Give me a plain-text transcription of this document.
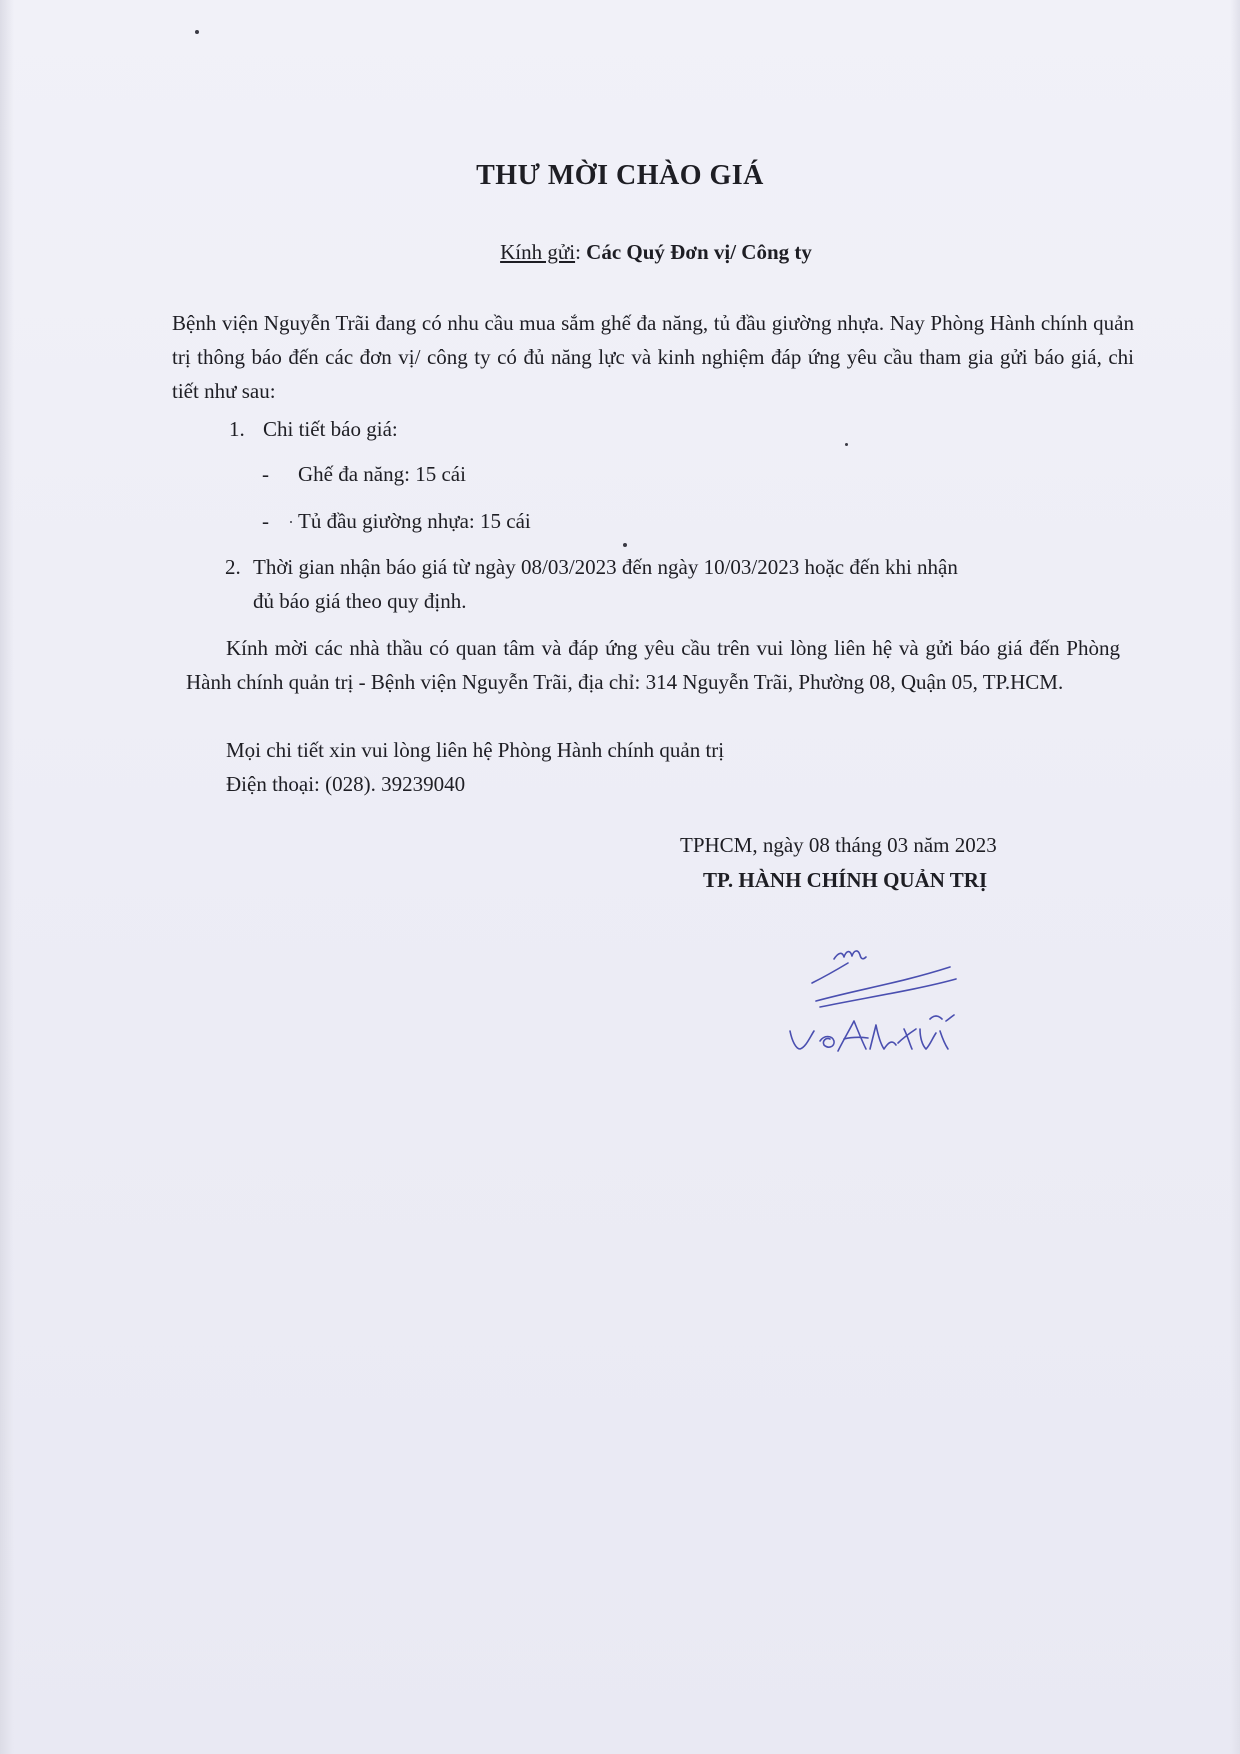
THƯ MỜI CHÀO GIÁ
Kính gửi: Các Quý Đơn vị/ Công ty
Bệnh viện Nguyễn Trãi đang có nhu cầu mua sắm ghế đa năng, tủ đầu giường nhựa. Nay Phòng Hành chính quản trị thông báo đến các đơn vị/ công ty có đủ năng lực và kinh nghiệm đáp ứng yêu cầu tham gia gửi báo giá, chi tiết như sau:
1. Chi tiết báo giá:
- Ghế đa năng: 15 cái
- Tủ đầu giường nhựa: 15 cái
2. Thời gian nhận báo giá từ ngày 08/03/2023 đến ngày 10/03/2023 hoặc đến khi nhận
đủ báo giá theo quy định.
Kính mời các nhà thầu có quan tâm và đáp ứng yêu cầu trên vui lòng liên hệ và gửi báo giá đến Phòng Hành chính quản trị - Bệnh viện Nguyễn Trãi, địa chỉ: 314 Nguyễn Trãi, Phường 08, Quận 05, TP.HCM.
Mọi chi tiết xin vui lòng liên hệ Phòng Hành chính quản trị
Điện thoại: (028). 39239040
TPHCM, ngày 08 tháng 03 năm 2023
TP. HÀNH CHÍNH QUẢN TRỊ
